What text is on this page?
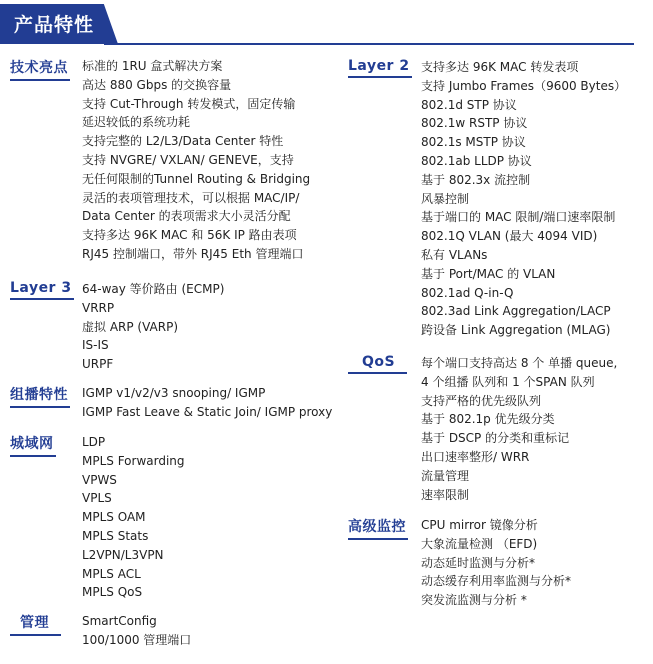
产品特性
技术亮点 标准的 1RU 盒式解决方案
高达 880 Gbps 的交换容量
支持 Cut-Through 转发模式，固定传输
延迟较低的系统功耗
支持完整的 L2/L3/Data Center 特性
支持 NVGRE/ VXLAN/ GENEVE，支持
无任何限制的Tunnel Routing & Bridging
灵活的表项管理技术，可以根据 MAC/IP/
Data Center 的表项需求大小灵活分配
支持多达 96K MAC 和 56K IP 路由表项
RJ45 控制端口，带外 RJ45 Eth 管理端口
Layer 3 64-way 等价路由 (ECMP)
VRRP
虚拟 ARP (VARP)
IS-IS
URPF
组播特性 IGMP v1/v2/v3 snooping/ IGMP
IGMP Fast Leave & Static Join/ IGMP proxy
城域网 LDP
MPLS Forwarding
VPWS
VPLS
MPLS OAM
MPLS Stats
L2VPN/L3VPN
MPLS ACL
MPLS QoS
管理	SmartConfig
100/1000 管理端口
Layer 2 支持多达 96K MAC 转发表项
支持 Jumbo Frames（9600 Bytes）
802.1d STP 协议
802.1w RSTP 协议
802.1s MSTP 协议
802.1ab LLDP 协议
基于 802.3x 流控制
风暴控制
基于端口的 MAC 限制/端口速率限制
802.1Q VLAN (最大 4094 VID)
私有 VLANs
基于 Port/MAC 的 VLAN
802.1ad Q-in-Q
802.3ad Link Aggregation/LACP
跨设备 Link Aggregation (MLAG)
QoS	每个端口支持高达 8 个 单播 queue,
4 个组播 队列和 1 个SPAN 队列
支持严格的优先级队列
基于 802.1p 优先级分类
基于 DSCP 的分类和重标记
出口速率整形/ WRR
流量管理
速率限制
高级监控 CPU mirror 镜像分析
大象流量检测 （EFD)
动态延时监测与分析*
动态缓存利用率监测与分析*
突发流监测与分析 *
